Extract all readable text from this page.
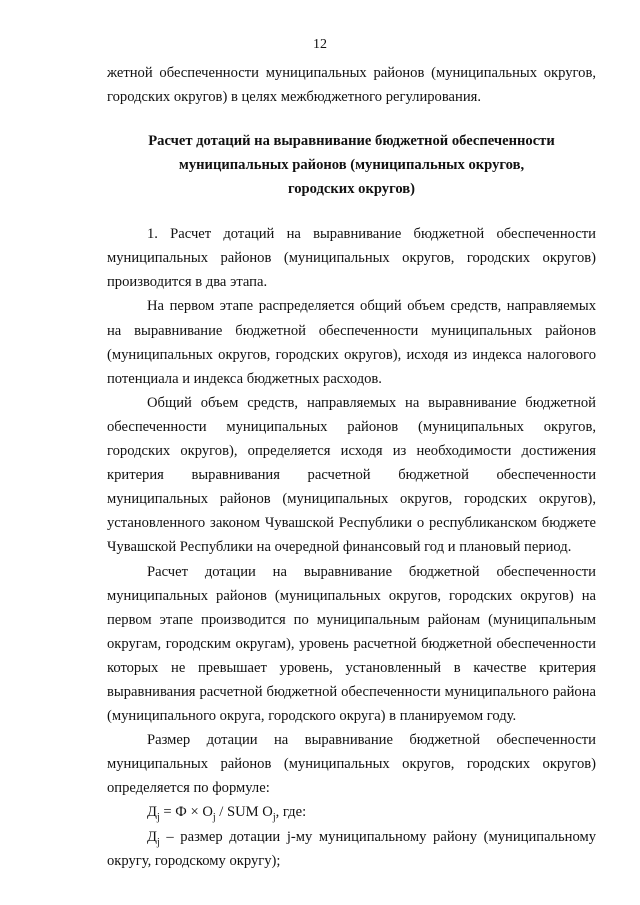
12

жетной обеспеченности муниципальных районов (муниципальных округов, городских округов) в целях межбюджетного регулирования.

Расчет дотаций на выравнивание бюджетной обеспеченности
муниципальных районов (муниципальных округов,
городских округов)

1. Расчет дотаций на выравнивание бюджетной обеспеченности муниципальных районов (муниципальных округов, городских округов) производится в два этапа.

На первом этапе распределяется общий объем средств, направляемых на выравнивание бюджетной обеспеченности муниципальных районов (муниципальных округов, городских округов), исходя из индекса налогового потенциала и индекса бюджетных расходов.

Общий объем средств, направляемых на выравнивание бюджетной обеспеченности муниципальных районов (муниципальных округов, городских округов), определяется исходя из необходимости достижения критерия выравнивания расчетной бюджетной обеспеченности муниципальных районов (муниципальных округов, городских округов), установленного законом Чувашской Республики о республиканском бюджете Чувашской Республики на очередной финансовый год и плановый период.

Расчет дотации на выравнивание бюджетной обеспеченности муниципальных районов (муниципальных округов, городских округов) на первом этапе производится по муниципальным районам (муниципальным округам, городским округам), уровень расчетной бюджетной обеспеченности которых не превышает уровень, установленный в качестве критерия выравнивания расчетной бюджетной обеспеченности муниципального района (муниципального округа, городского округа) в планируемом году.

Размер дотации на выравнивание бюджетной обеспеченности муниципальных районов (муниципальных округов, городских округов) определяется по формуле:

$Д_j = Ф \times O_j$ / SUM $O_j$, где:

$Д_j$ – размер дотации j-му муниципальному району (муниципальному округу, городскому округу);
